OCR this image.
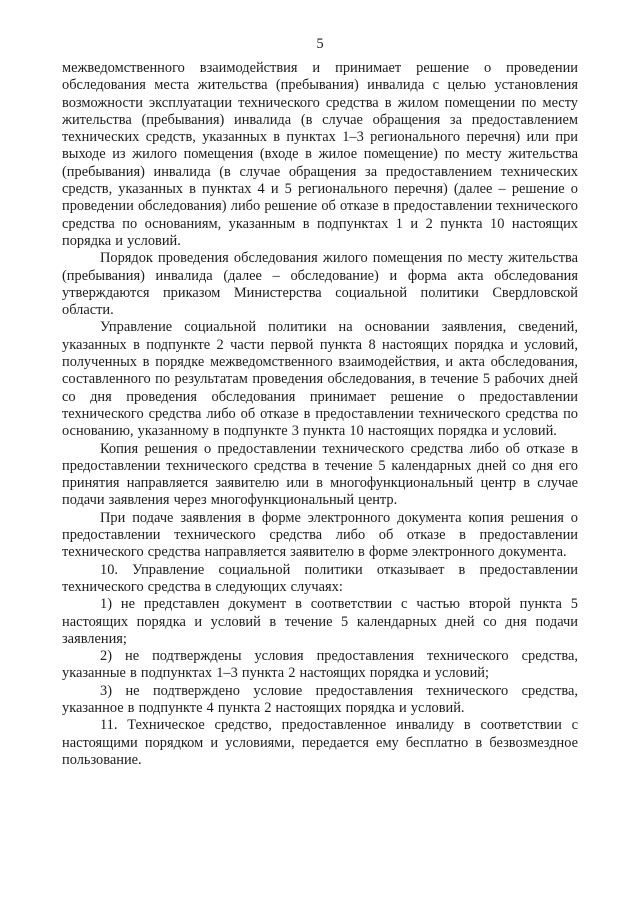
5

межведомственного взаимодействия и принимает решение о проведении обследования места жительства (пребывания) инвалида с целью установления возможности эксплуатации технического средства в жилом помещении по месту жительства (пребывания) инвалида (в случае обращения за предоставлением технических средств, указанных в пунктах 1–3 регионального перечня) или при выходе из жилого помещения (входе в жилое помещение) по месту жительства (пребывания) инвалида (в случае обращения за предоставлением технических средств, указанных в пунктах 4 и 5 регионального перечня) (далее – решение о проведении обследования) либо решение об отказе в предоставлении технического средства по основаниям, указанным в подпунктах 1 и 2 пункта 10 настоящих порядка и условий.

Порядок проведения обследования жилого помещения по месту жительства (пребывания) инвалида (далее – обследование) и форма акта обследования утверждаются приказом Министерства социальной политики Свердловской области.

Управление социальной политики на основании заявления, сведений, указанных в подпункте 2 части первой пункта 8 настоящих порядка и условий, полученных в порядке межведомственного взаимодействия, и акта обследования, составленного по результатам проведения обследования, в течение 5 рабочих дней со дня проведения обследования принимает решение о предоставлении технического средства либо об отказе в предоставлении технического средства по основанию, указанному в подпункте 3 пункта 10 настоящих порядка и условий.

Копия решения о предоставлении технического средства либо об отказе в предоставлении технического средства в течение 5 календарных дней со дня его принятия направляется заявителю или в многофункциональный центр в случае подачи заявления через многофункциональный центр.

При подаче заявления в форме электронного документа копия решения о предоставлении технического средства либо об отказе в предоставлении технического средства направляется заявителю в форме электронного документа.

10. Управление социальной политики отказывает в предоставлении технического средства в следующих случаях:

1) не представлен документ в соответствии с частью второй пункта 5 настоящих порядка и условий в течение 5 календарных дней со дня подачи заявления;

2) не подтверждены условия предоставления технического средства, указанные в подпунктах 1–3 пункта 2 настоящих порядка и условий;

3) не подтверждено условие предоставления технического средства, указанное в подпункте 4 пункта 2 настоящих порядка и условий.

11. Техническое средство, предоставленное инвалиду в соответствии с настоящими порядком и условиями, передается ему бесплатно в безвозмездное пользование.
